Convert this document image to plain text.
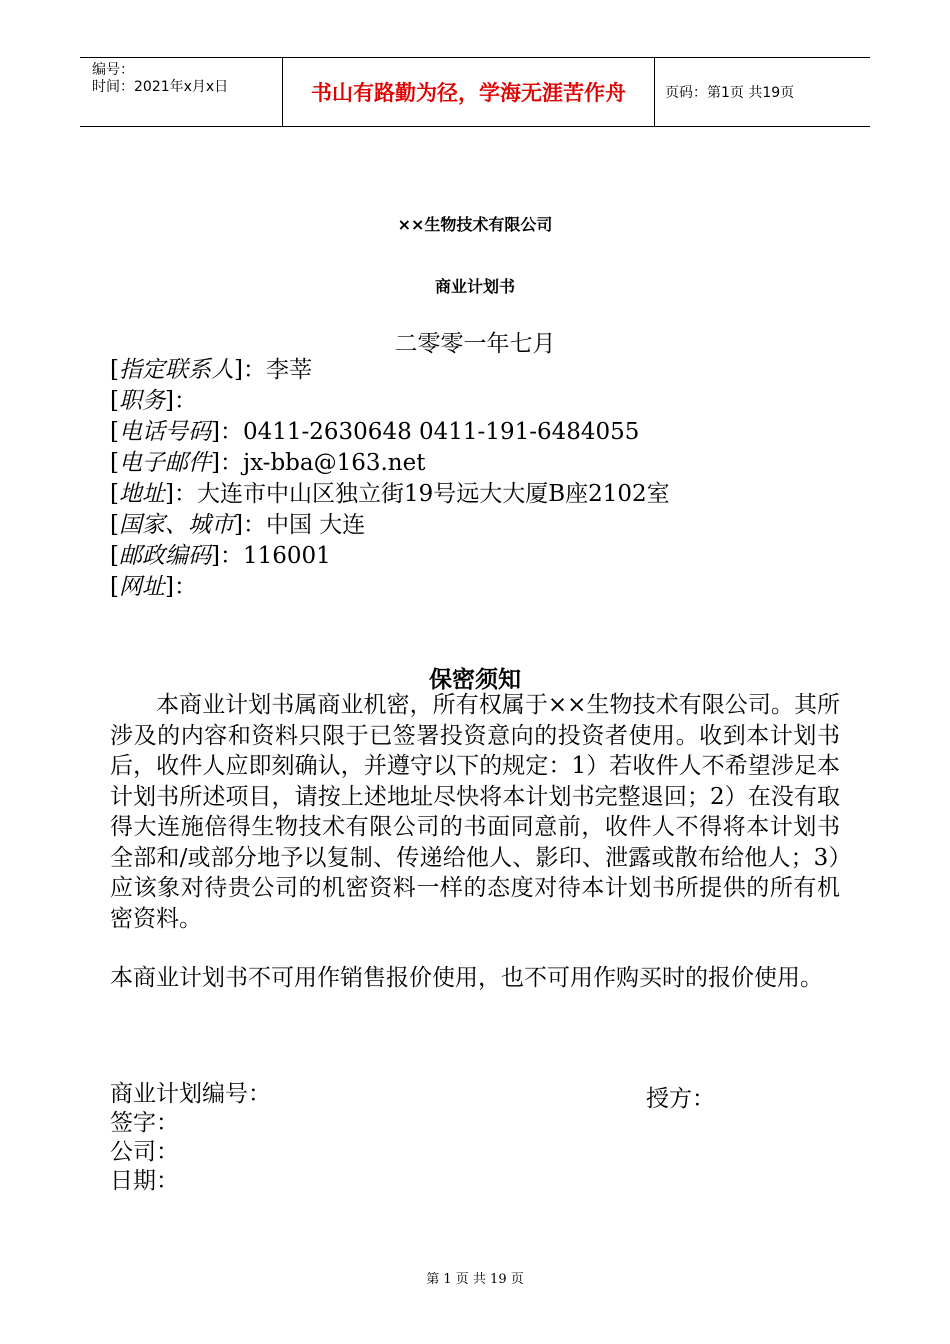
编号：
时间：2021年x月x日	书山有路勤为径，学海无涯苦作舟	页码：第1页 共19页
××生物技术有限公司
商业计划书
二零零一年七月
[指定联系人]：李莘
[职务]：
[电话号码]：0411-2630648 0411-191-6484055
[电子邮件]：jx-bba@163.net
[地址]：大连市中山区独立街19号远大大厦B座2102室
[国家、城市]：中国 大连
[邮政编码]：116001
[网址]：
保密须知
本商业计划书属商业机密，所有权属于××生物技术有限公司。其所涉及的内容和资料只限于已签署投资意向的投资者使用。收到本计划书后，收件人应即刻确认，并遵守以下的规定：1）若收件人不希望涉足本计划书所述项目，请按上述地址尽快将本计划书完整退回；2）在没有取得大连施倍得生物技术有限公司的书面同意前，收件人不得将本计划书全部和/或部分地予以复制、传递给他人、影印、泄露或散布给他人；3）应该象对待贵公司的机密资料一样的态度对待本计划书所提供的所有机密资料。
本商业计划书不可用作销售报价使用，也不可用作购买时的报价使用。
商业计划编号：
签字：
公司：
日期：
授方：
第 1 页 共 19 页
